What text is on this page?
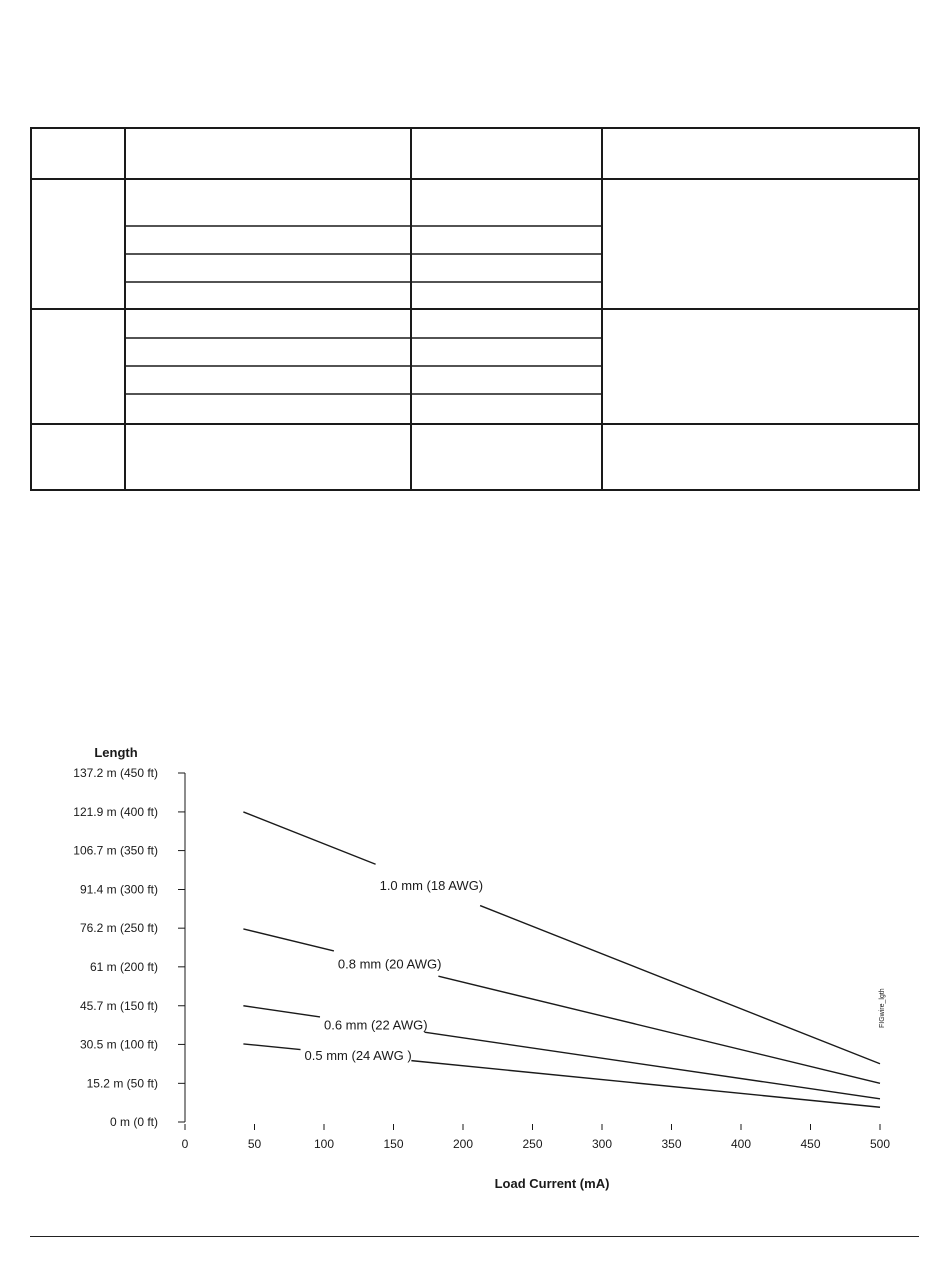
Length
Load Current (mA)
0 m (0 ft)
15.2 m (50 ft)
30.5 m (100 ft)
45.7 m (150 ft)
61 m (200 ft)
76.2 m (250 ft)
91.4 m (300 ft)
106.7 m (350 ft)
121.9 m (400 ft)
137.2 m (450 ft)
0	50	100	150	200	250	300	350	400	450	500
1.0 mm (18 AWG)
0.8 mm (20 AWG)
0.6 mm (22 AWG)
0.5 mm (24 AWG )
FIGwire_lgth
